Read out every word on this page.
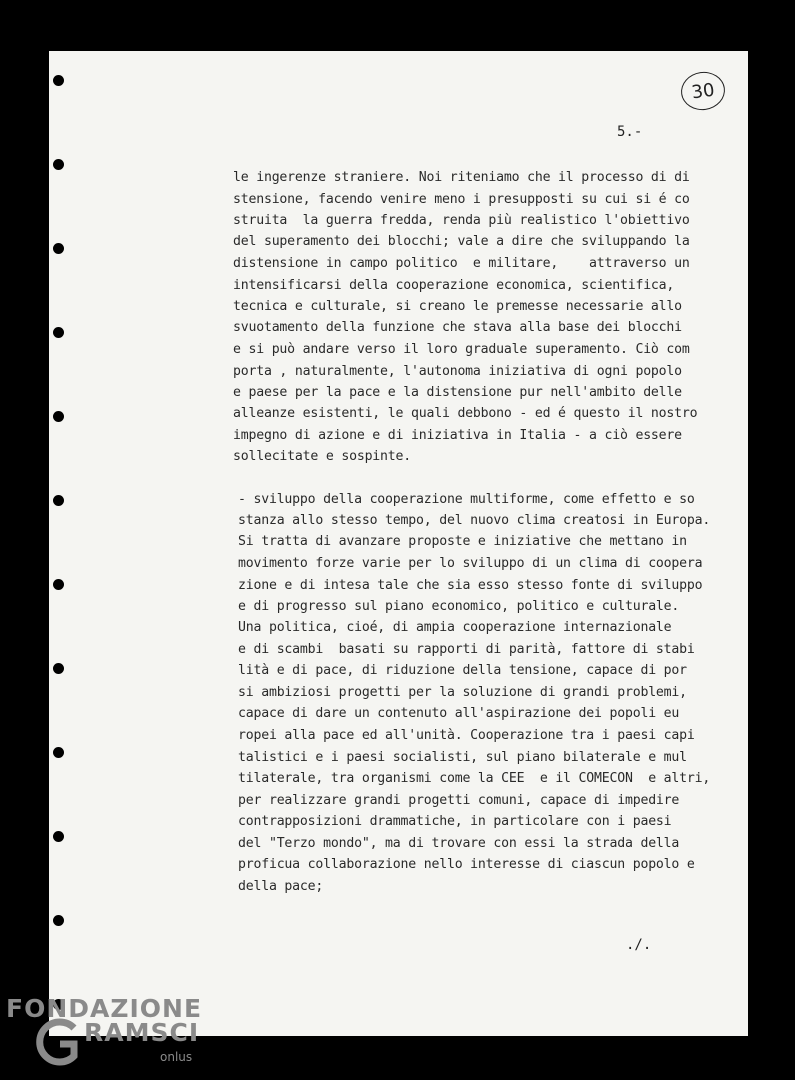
30
5.-
le ingerenze straniere. Noi riteniamo che il processo di di
stensione, facendo venire meno i presupposti su cui si é co
struita  la guerra fredda, renda più realistico l'obiettivo
del superamento dei blocchi; vale a dire che sviluppando la
distensione in campo politico  e militare,    attraverso un
intensificarsi della cooperazione economica, scientifica,
tecnica e culturale, si creano le premesse necessarie allo
svuotamento della funzione che stava alla base dei blocchi
e si può andare verso il loro graduale superamento. Ciò com
porta , naturalmente, l'autonoma iniziativa di ogni popolo
e paese per la pace e la distensione pur nell'ambito delle
alleanze esistenti, le quali debbono - ed é questo il nostro
impegno di azione e di iniziativa in Italia - a ciò essere
sollecitate e sospinte.
- sviluppo della cooperazione multiforme, come effetto e so
stanza allo stesso tempo, del nuovo clima creatosi in Europa.
Si tratta di avanzare proposte e iniziative che mettano in
movimento forze varie per lo sviluppo di un clima di coopera
zione e di intesa tale che sia esso stesso fonte di sviluppo
e di progresso sul piano economico, politico e culturale.
Una politica, cioé, di ampia cooperazione internazionale
e di scambi  basati su rapporti di parità, fattore di stabi
lità e di pace, di riduzione della tensione, capace di por
si ambiziosi progetti per la soluzione di grandi problemi,
capace di dare un contenuto all'aspirazione dei popoli eu
ropei alla pace ed all'unità. Cooperazione tra i paesi capi
talistici e i paesi socialisti, sul piano bilaterale e mul
tilaterale, tra organismi come la CEE  e il COMECON  e altri,
per realizzare grandi progetti comuni, capace di impedire
contrapposizioni drammatiche, in particolare con i paesi
del "Terzo mondo", ma di trovare con essi la strada della
proficua collaborazione nello interesse di ciascun popolo e
della pace;
./.
FONDAZIONE
RAMSCI
onlus
